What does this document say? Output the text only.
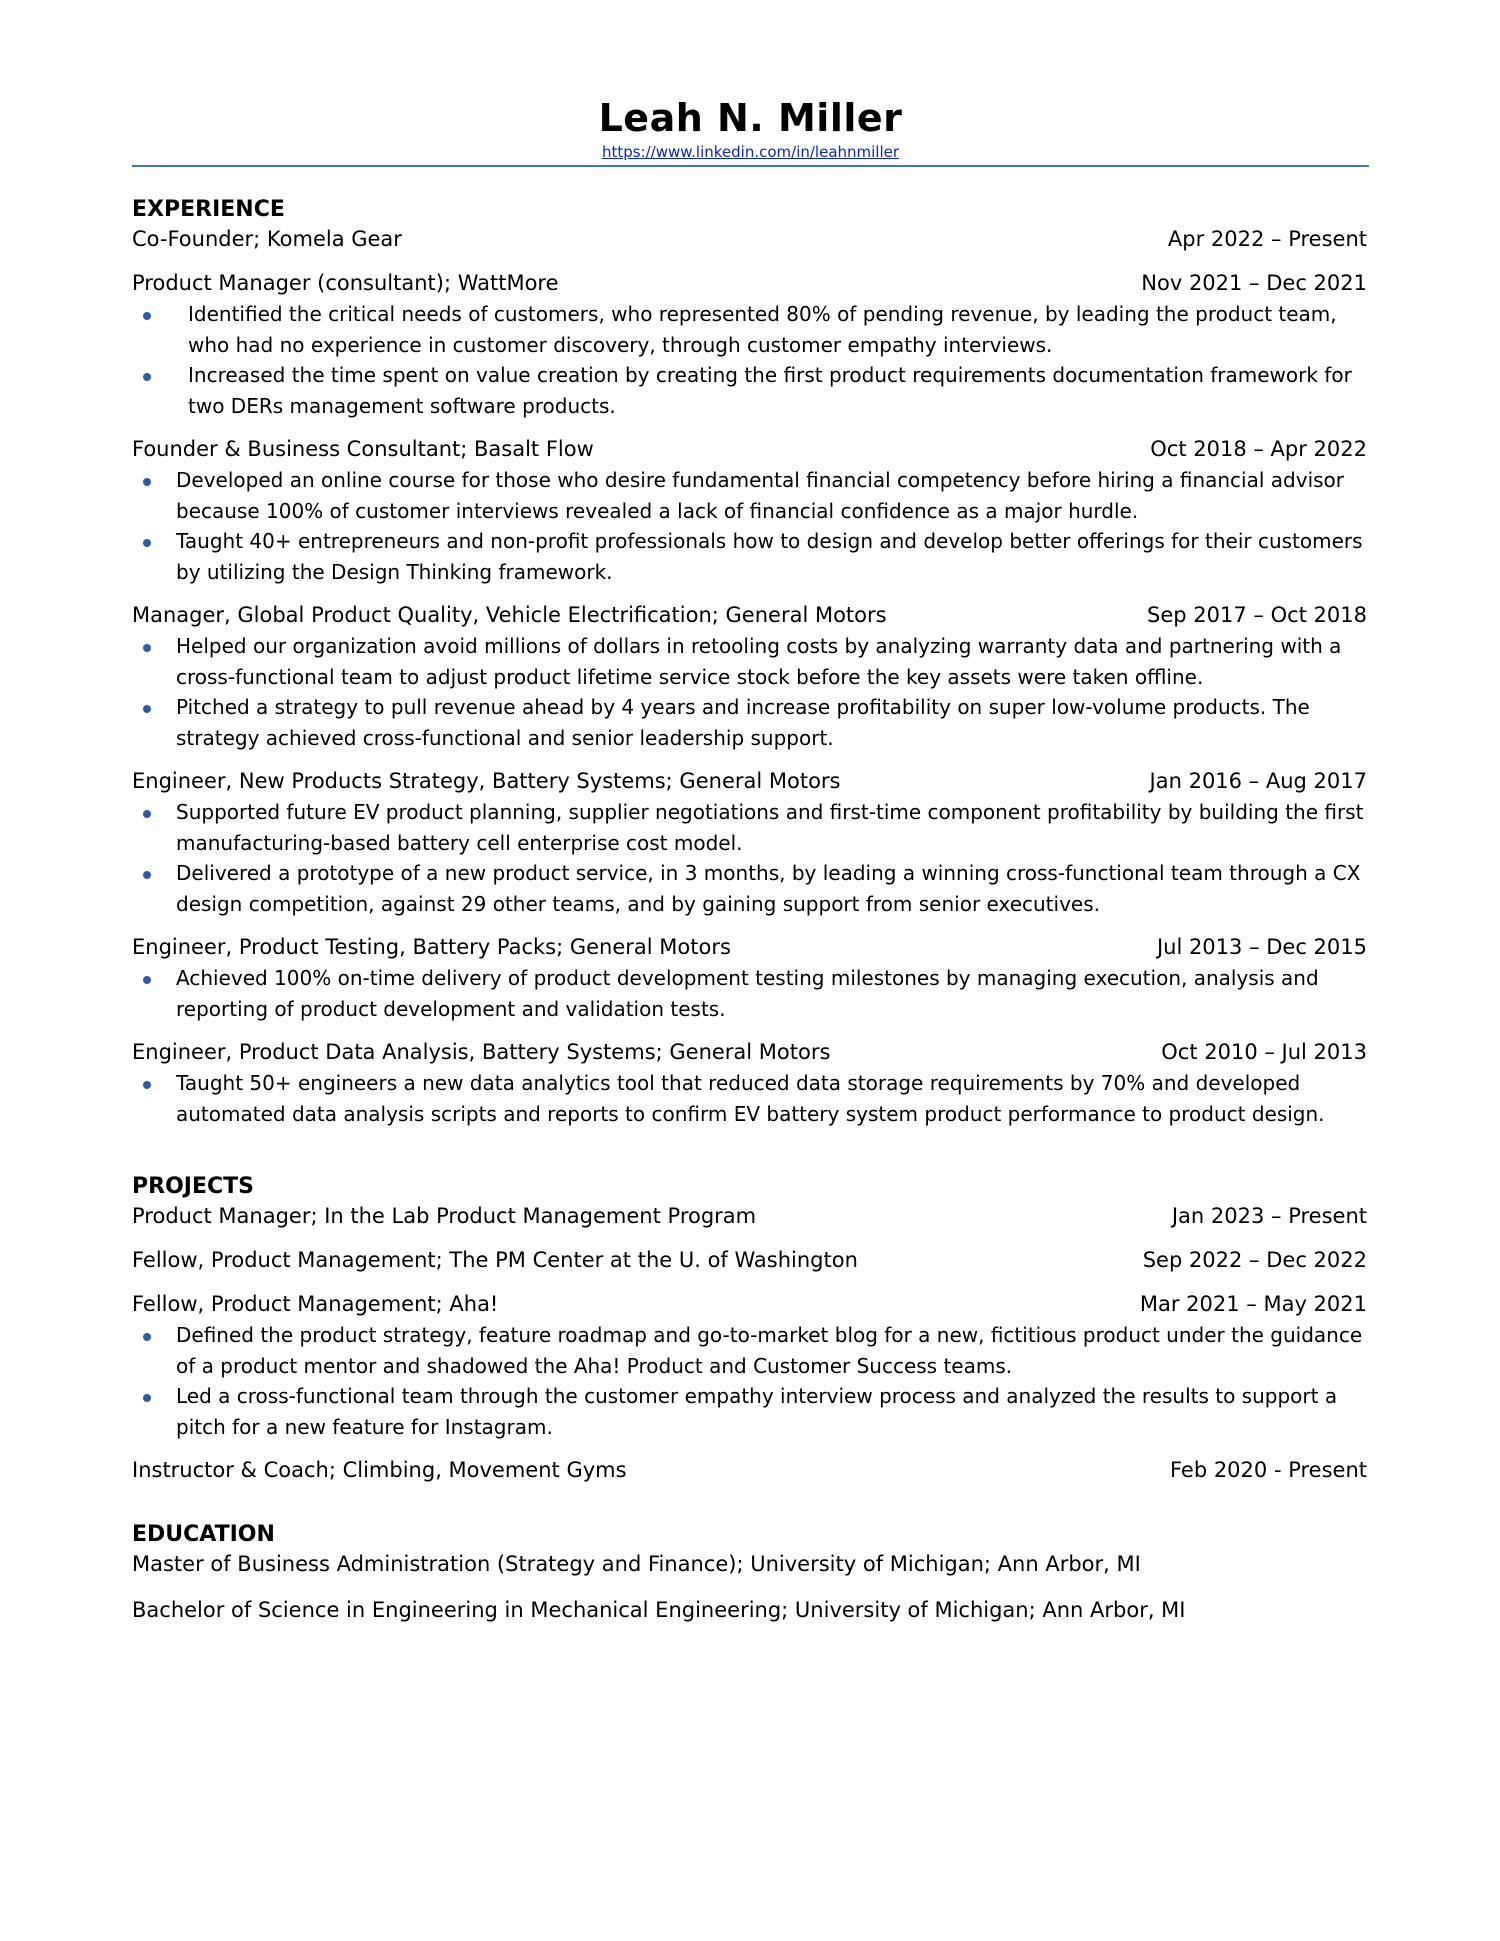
Leah N. Miller
https://www.linkedin.com/in/leahnmiller
EXPERIENCE
Co-Founder; Komela Gear	Apr 2022 – Present
Product Manager (consultant); WattMore	Nov 2021 – Dec 2021
Identified the critical needs of customers, who represented 80% of pending revenue, by leading the product team, who had no experience in customer discovery, through customer empathy interviews.
Increased the time spent on value creation by creating the first product requirements documentation framework for two DERs management software products.
Founder & Business Consultant; Basalt Flow	Oct 2018 – Apr 2022
Developed an online course for those who desire fundamental financial competency before hiring a financial advisor because 100% of customer interviews revealed a lack of financial confidence as a major hurdle.
Taught 40+ entrepreneurs and non-profit professionals how to design and develop better offerings for their customers by utilizing the Design Thinking framework.
Manager, Global Product Quality, Vehicle Electrification; General Motors	Sep 2017 – Oct 2018
Helped our organization avoid millions of dollars in retooling costs by analyzing warranty data and partnering with a cross-functional team to adjust product lifetime service stock before the key assets were taken offline.
Pitched a strategy to pull revenue ahead by 4 years and increase profitability on super low-volume products. The strategy achieved cross-functional and senior leadership support.
Engineer, New Products Strategy, Battery Systems; General Motors	Jan 2016 – Aug 2017
Supported future EV product planning, supplier negotiations and first-time component profitability by building the first manufacturing-based battery cell enterprise cost model.
Delivered a prototype of a new product service, in 3 months, by leading a winning cross-functional team through a CX design competition, against 29 other teams, and by gaining support from senior executives.
Engineer, Product Testing, Battery Packs; General Motors	Jul 2013 – Dec 2015
Achieved 100% on-time delivery of product development testing milestones by managing execution, analysis and reporting of product development and validation tests.
Engineer, Product Data Analysis, Battery Systems; General Motors	Oct 2010 – Jul 2013
Taught 50+ engineers a new data analytics tool that reduced data storage requirements by 70% and developed automated data analysis scripts and reports to confirm EV battery system product performance to product design.
PROJECTS
Product Manager; In the Lab Product Management Program	Jan 2023 – Present
Fellow, Product Management; The PM Center at the U. of Washington	Sep 2022 – Dec 2022
Fellow, Product Management; Aha!	Mar 2021 – May 2021
Defined the product strategy, feature roadmap and go-to-market blog for a new, fictitious product under the guidance of a product mentor and shadowed the Aha! Product and Customer Success teams.
Led a cross-functional team through the customer empathy interview process and analyzed the results to support a pitch for a new feature for Instagram.
Instructor & Coach; Climbing, Movement Gyms	Feb 2020 - Present
EDUCATION
Master of Business Administration (Strategy and Finance); University of Michigan; Ann Arbor, MI
Bachelor of Science in Engineering in Mechanical Engineering; University of Michigan; Ann Arbor, MI
